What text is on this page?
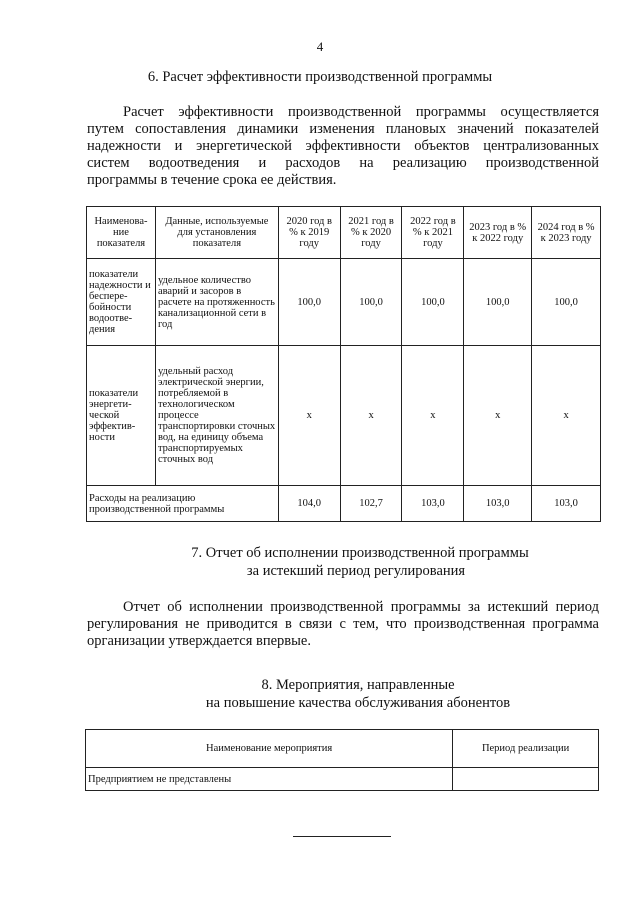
4
6. Расчет эффективности производственной программы
Расчет эффективности производственной программы осуществляется
путем сопоставления динамики изменения плановых значений показателей
надежности и энергетической эффективности объектов централизованных
систем водоотведения и расходов на реализацию производственной
программы в течение срока ее действия.
Наименова-ние показателя	Данные, используемые для установления показателя	2020 год в % к 2019 году	2021 год в % к 2020 году	2022 год в % к 2021 году	2023 год в % к 2022 году	2024 год в % к 2023 году
показатели надежности и беспере-бойности водоотве-дения	удельное количество аварий и засоров в расчете на протяженность канализационной сети в год	100,0	100,0	100,0	100,0	100,0
показатели энергети-ческой эффектив-ности	удельный расход электрической энергии, потребляемой в технологическом процессе транспортировки сточных вод, на единицу объема транспортируемых сточных вод	x	x	x	x	x
Расходы на реализацию производственной программы		104,0	102,7	103,0	103,0	103,0
7. Отчет об исполнении производственной программы
за истекший период регулирования
Отчет об исполнении производственной программы за истекший период
регулирования не приводится в связи с тем, что производственная программа
организации утверждается впервые.
8. Мероприятия, направленные
на повышение качества обслуживания абонентов
Наименование мероприятия	Период реализации
Предприятием не представлены	
